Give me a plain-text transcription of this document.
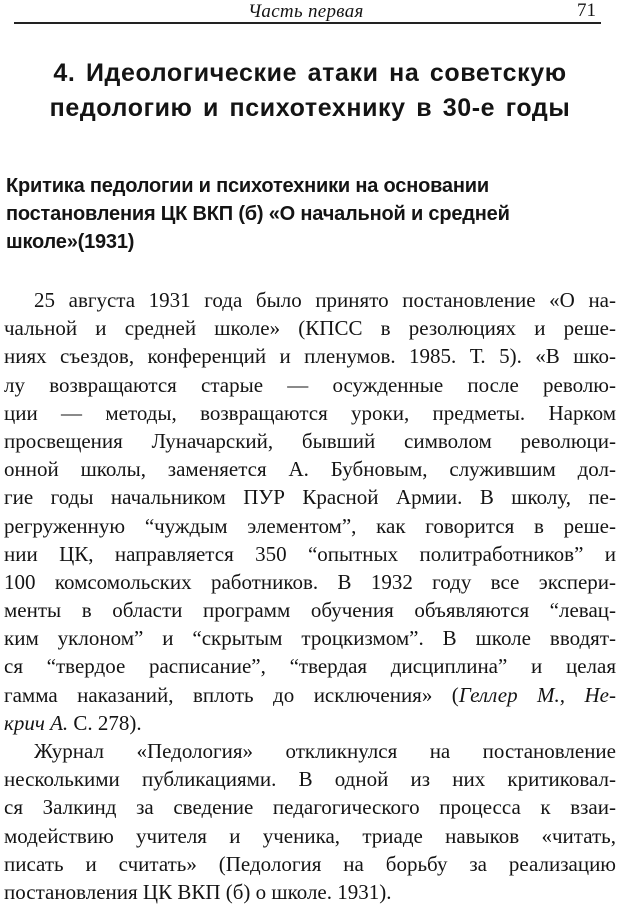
Часть первая	71
4. Идеологические атаки на советскую
педологию и психотехнику в 30-е годы
Критика педологии и психотехники на основании
постановления ЦК ВКП (б) «О начальной и средней
школе»(1931)
25 августа 1931 года было принято постановление «О на-
чальной и средней школе» (КПСС в резолюциях и реше-
ниях съездов, конференций и пленумов. 1985. Т. 5). «В шко-
лу возвращаются старые — осужденные после револю-
ции — методы, возвращаются уроки, предметы. Нарком
просвещения Луначарский, бывший символом революци-
онной школы, заменяется А. Бубновым, служившим дол-
гие годы начальником ПУР Красной Армии. В школу, пе-
регруженную “чуждым элементом”, как говорится в реше-
нии ЦК, направляется 350 “опытных политработников” и
100 комсомольских работников. В 1932 году все экспери-
менты в области программ обучения объявляются “левац-
ким уклоном” и “скрытым троцкизмом”. В школе вводят-
ся “твердое расписание”, “твердая дисциплина” и целая
гамма наказаний, вплоть до исключения» (Геллер М., Не-
крич А. С. 278).
Журнал «Педология» откликнулся на постановление
несколькими публикациями. В одной из них критиковал-
ся Залкинд за сведение педагогического процесса к взаи-
модействию учителя и ученика, триаде навыков «читать,
писать и считать» (Педология на борьбу за реализацию
постановления ЦК ВКП (б) о школе. 1931).
